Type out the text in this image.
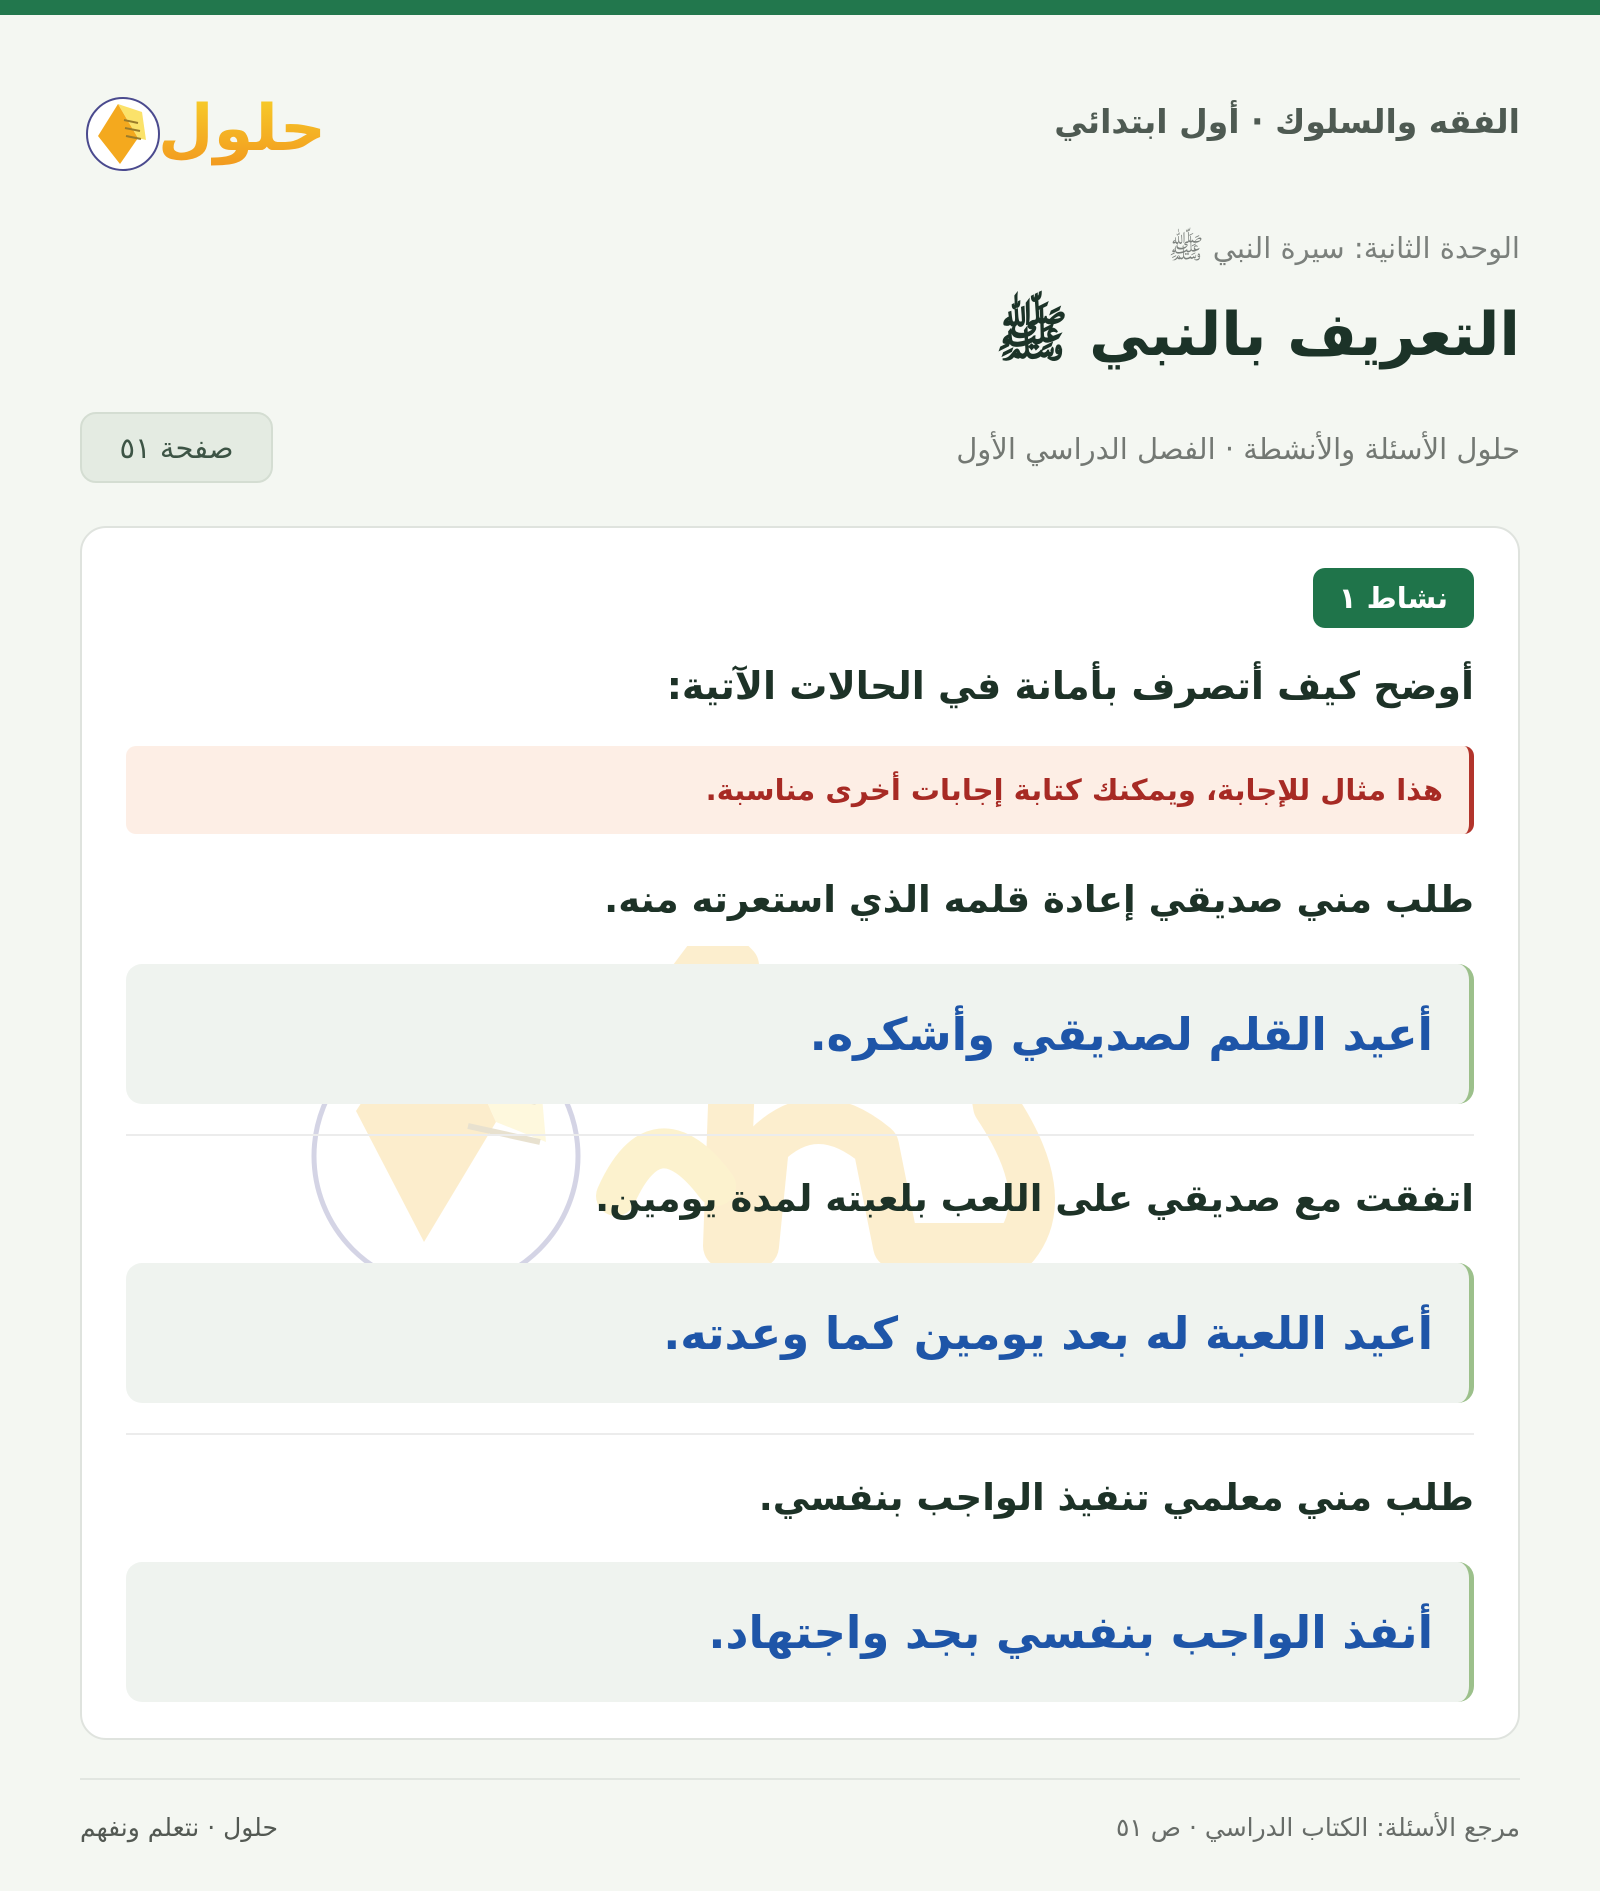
حلول	الفقه والسلوك · أول ابتدائي
الوحدة الثانية: سيرة النبي ﷺ
التعريف بالنبي ﷺ
حلول الأسئلة والأنشطة · الفصل الدراسي الأول
صفحة ٥١
نشاط ١
أوضح كيف أتصرف بأمانة في الحالات الآتية:
هذا مثال للإجابة، ويمكنك كتابة إجابات أخرى مناسبة.
طلب مني صديقي إعادة قلمه الذي استعرته منه.
أعيد القلم لصديقي وأشكره.
اتفقت مع صديقي على اللعب بلعبته لمدة يومين.
أعيد اللعبة له بعد يومين كما وعدته.
طلب مني معلمي تنفيذ الواجب بنفسي.
أنفذ الواجب بنفسي بجد واجتهاد.
مرجع الأسئلة: الكتاب الدراسي · ص ٥١
حلول · نتعلم ونفهم
